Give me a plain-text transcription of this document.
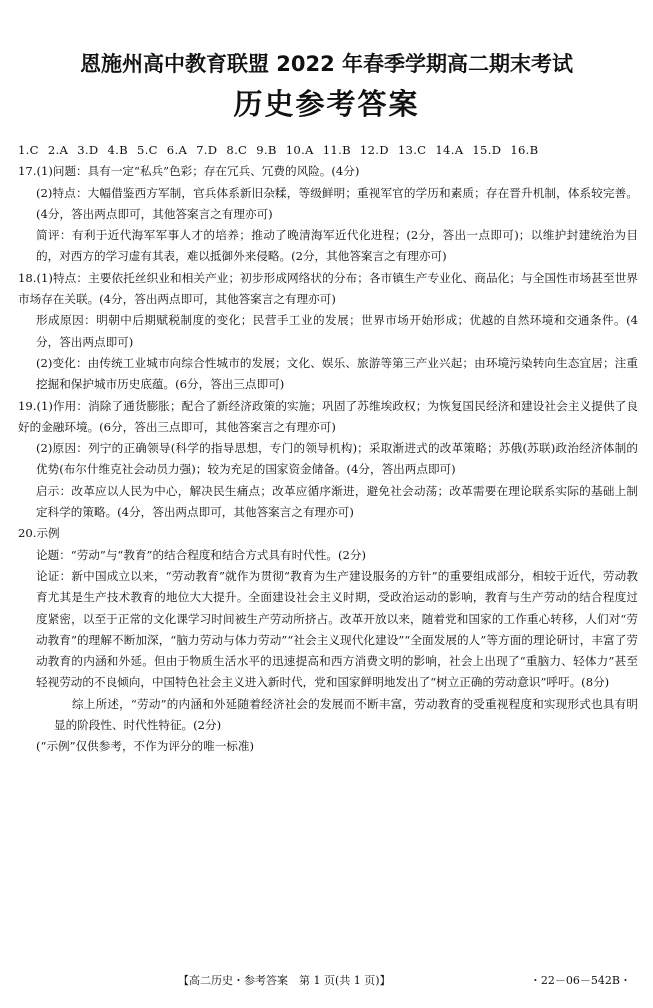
恩施州高中教育联盟 2022 年春季学期高二期末考试
历史参考答案
1.C 2.A 3.D 4.B 5.C 6.A 7.D 8.C 9.B 10.A 11.B 12.D 13.C 14.A 15.D 16.B

17.(1)问题：具有一定“私兵”色彩；存在冗兵、冗费的风险。(4分)

(2)特点：大幅借鉴西方军制，官兵体系新旧杂糅，等级鲜明；重视军官的学历和素质；存在晋升机制，体系较完善。(4分，答出两点即可，其他答案言之有理亦可)

简评：有利于近代海军军事人才的培养；推动了晚清海军近代化进程；(2分，答出一点即可)；以维护封建统治为目的，对西方的学习虚有其表，难以抵御外来侵略。(2分，其他答案言之有理亦可)

18.(1)特点：主要依托丝织业和相关产业；初步形成网络状的分布；各市镇生产专业化、商品化；与全国性市场甚至世界市场存在关联。(4分，答出两点即可，其他答案言之有理亦可)

形成原因：明朝中后期赋税制度的变化；民营手工业的发展；世界市场开始形成；优越的自然环境和交通条件。(4分，答出两点即可)

(2)变化：由传统工业城市向综合性城市的发展；文化、娱乐、旅游等第三产业兴起；由环境污染转向生态宜居；注重挖掘和保护城市历史底蕴。(6分，答出三点即可)

19.(1)作用：消除了通货膨胀；配合了新经济政策的实施；巩固了苏维埃政权；为恢复国民经济和建设社会主义提供了良好的金融环境。(6分，答出三点即可，其他答案言之有理亦可)

(2)原因：列宁的正确领导(科学的指导思想，专门的领导机构)；采取渐进式的改革策略；苏俄(苏联)政治经济体制的优势(布尔什维克社会动员力强)；较为充足的国家资金储备。(4分，答出两点即可)

启示：改革应以人民为中心，解决民生痛点；改革应循序渐进，避免社会动荡；改革需要在理论联系实际的基础上制定科学的策略。(4分，答出两点即可，其他答案言之有理亦可)

20.示例

论题：“劳动”与“教育”的结合程度和结合方式具有时代性。(2分)

论证：新中国成立以来，“劳动教育”就作为贯彻“教育为生产建设服务的方针”的重要组成部分，相较于近代，劳动教育尤其是生产技术教育的地位大大提升。全面建设社会主义时期，受政治运动的影响，教育与生产劳动的结合程度过度紧密，以至于正常的文化课学习时间被生产劳动所挤占。改革开放以来，随着党和国家的工作重心转移，人们对“劳动教育”的理解不断加深，“脑力劳动与体力劳动”“社会主义现代化建设”“全面发展的人”等方面的理论研讨，丰富了劳动教育的内涵和外延。但由于物质生活水平的迅速提高和西方消费文明的影响，社会上出现了“重脑力、轻体力”甚至轻视劳动的不良倾向，中国特色社会主义进入新时代，党和国家鲜明地发出了“树立正确的劳动意识”呼吁。(8分)

综上所述，“劳动”的内涵和外延随着经济社会的发展而不断丰富，劳动教育的受重视程度和实现形式也具有明显的阶段性、时代性特征。(2分)

(“示例”仅供参考，不作为评分的唯一标准)

【高二历史・参考答案　第 1 页(共 1 页)】	・22－06－542B・
